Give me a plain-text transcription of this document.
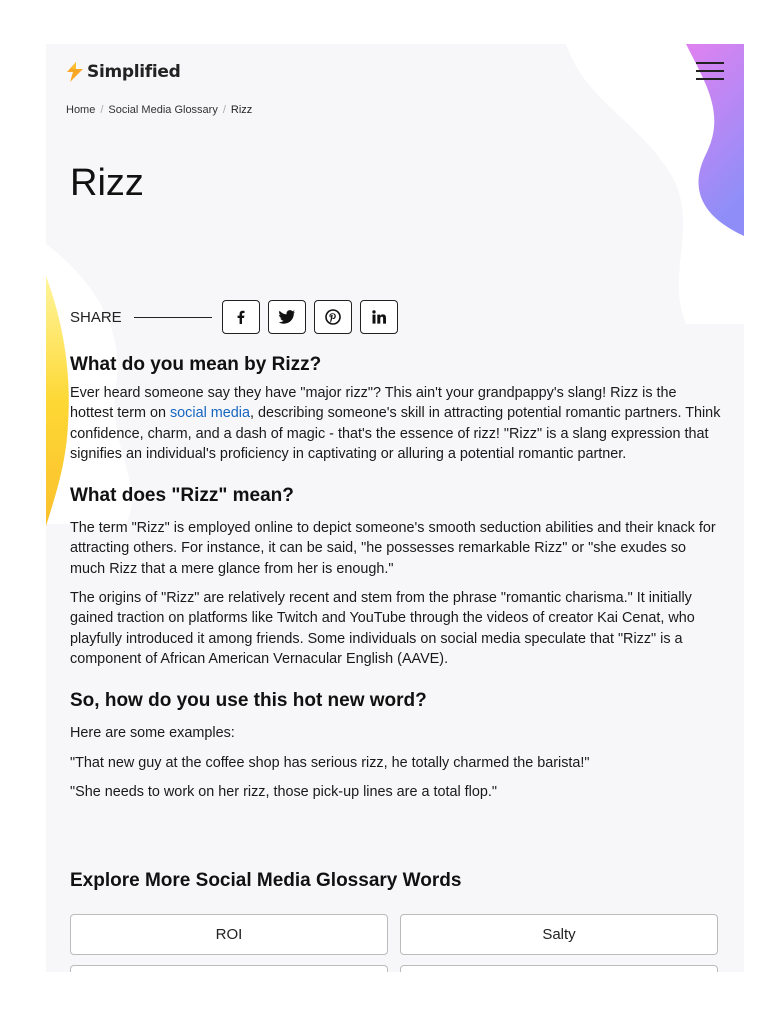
Simplified
Home / Social Media Glossary / Rizz
Rizz
SHARE
What do you mean by Rizz?

Ever heard someone say they have "major rizz"? This ain't your grandpappy's slang! Rizz is the hottest term on social media, describing someone's skill in attracting potential romantic partners. Think confidence, charm, and a dash of magic - that's the essence of rizz! "Rizz" is a slang expression that signifies an individual's proficiency in captivating or alluring a potential romantic partner.

What does "Rizz" mean?

The term "Rizz" is employed online to depict someone's smooth seduction abilities and their knack for attracting others. For instance, it can be said, "he possesses remarkable Rizz" or "she exudes so much Rizz that a mere glance from her is enough."

The origins of "Rizz" are relatively recent and stem from the phrase "romantic charisma." It initially gained traction on platforms like Twitch and YouTube through the videos of creator Kai Cenat, who playfully introduced it among friends. Some individuals on social media speculate that "Rizz" is a component of African American Vernacular English (AAVE).

So, how do you use this hot new word?

Here are some examples:

"That new guy at the coffee shop has serious rizz, he totally charmed the barista!"

"She needs to work on her rizz, those pick-up lines are a total flop."

Explore More Social Media Glossary Words
ROI	Salty
